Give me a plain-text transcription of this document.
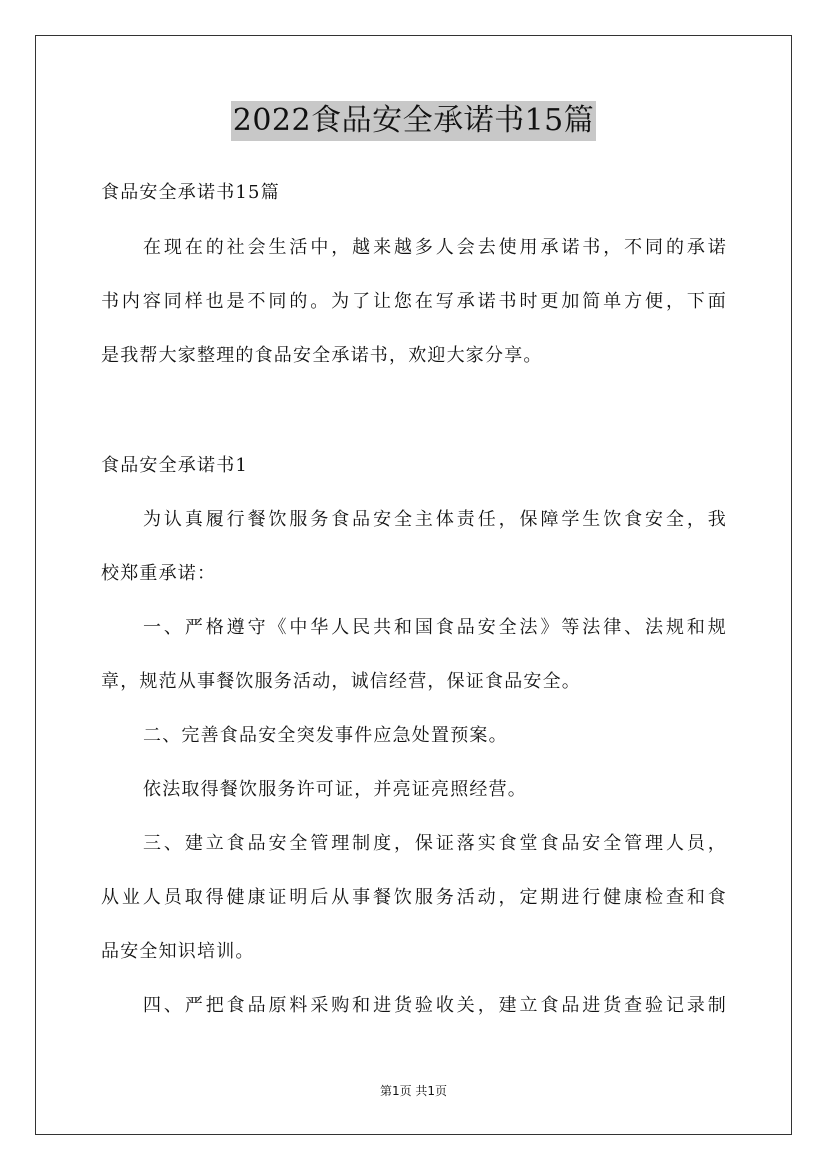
2022食品安全承诺书15篇
食品安全承诺书15篇
在现在的社会生活中，越来越多人会去使用承诺书，不同的承诺
书内容同样也是不同的。为了让您在写承诺书时更加简单方便，下面
是我帮大家整理的食品安全承诺书，欢迎大家分享。
食品安全承诺书1
为认真履行餐饮服务食品安全主体责任，保障学生饮食安全，我
校郑重承诺：
一、严格遵守《中华人民共和国食品安全法》等法律、法规和规
章，规范从事餐饮服务活动，诚信经营，保证食品安全。
二、完善食品安全突发事件应急处置预案。
依法取得餐饮服务许可证，并亮证亮照经营。
三、建立食品安全管理制度，保证落实食堂食品安全管理人员，
从业人员取得健康证明后从事餐饮服务活动，定期进行健康检查和食
品安全知识培训。
四、严把食品原料采购和进货验收关，建立食品进货查验记录制
第1页 共1页
